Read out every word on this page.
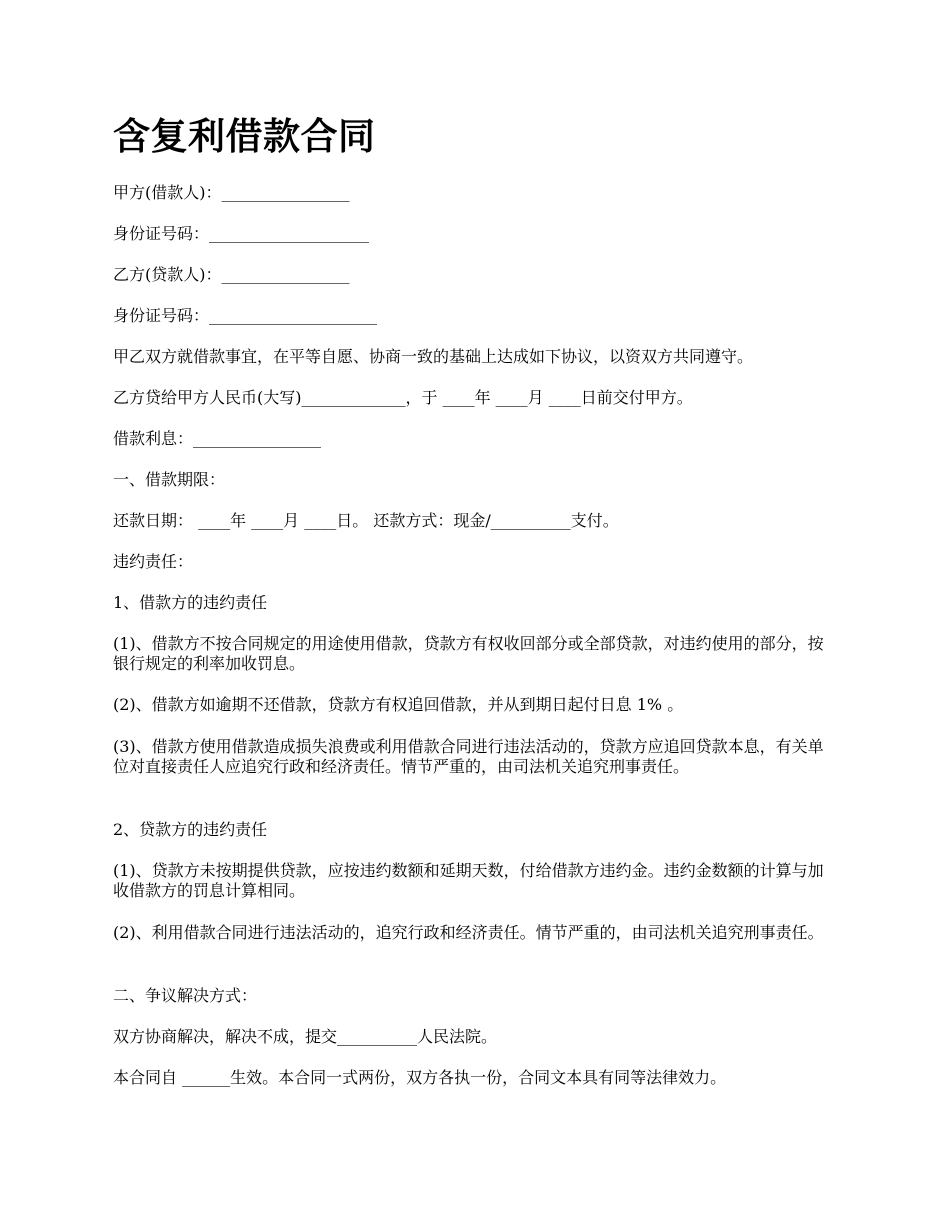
含复利借款合同
甲方(借款人)：________________
身份证号码：____________________
乙方(贷款人)：________________
身份证号码：_____________________
甲乙双方就借款事宜，在平等自愿、协商一致的基础上达成如下协议，以资双方共同遵守。
乙方贷给甲方人民币(大写)_____________，于 ____年 ____月 ____日前交付甲方。
借款利息：________________
一、借款期限：
还款日期： ____年 ____月 ____日。 还款方式：现金/__________支付。
违约责任：
1、借款方的违约责任
(1)、借款方不按合同规定的用途使用借款，贷款方有权收回部分或全部贷款，对违约使用的部分，按银行规定的利率加收罚息。
(2)、借款方如逾期不还借款，贷款方有权追回借款，并从到期日起付日息 1% 。
(3)、借款方使用借款造成损失浪费或利用借款合同进行违法活动的，贷款方应追回贷款本息，有关单位对直接责任人应追究行政和经济责任。情节严重的，由司法机关追究刑事责任。
2、贷款方的违约责任
(1)、贷款方未按期提供贷款，应按违约数额和延期天数，付给借款方违约金。违约金数额的计算与加收借款方的罚息计算相同。
(2)、利用借款合同进行违法活动的，追究行政和经济责任。情节严重的，由司法机关追究刑事责任。
二、争议解决方式：
双方协商解决，解决不成，提交__________人民法院。
本合同自 ______生效。本合同一式两份，双方各执一份，合同文本具有同等法律效力。
